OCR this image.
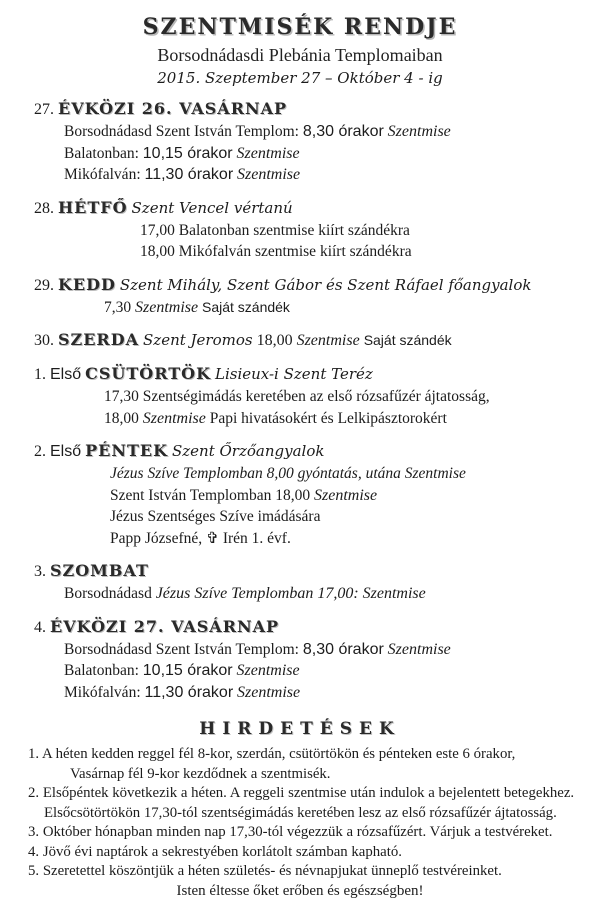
SZENTMISÉK RENDJE
Borsodnádasdi Plebánia Templomaiban
2015. Szeptember 27 – Október 4 - ig
27. ÉVKÖZI 26. VASÁRNAP
Borsodnádasd Szent István Templom: 8,30 órakor Szentmise
Balatonban: 10,15 órakor Szentmise
Mikófalván: 11,30 órakor Szentmise
28. HÉTFŐ Szent Vencel vértanú
17,00 Balatonban szentmise kiírt szándékra
18,00 Mikófalván szentmise kiírt szándékra
29. KEDD Szent Mihály, Szent Gábor és Szent Ráfael főangyalok
7,30 Szentmise Saját szándék
30. SZERDA Szent Jeromos 18,00 Szentmise Saját szándék
1. Első CSÜTÖRTÖK Lisieux-i Szent Teréz
17,30 Szentségimádás keretében az első rózsafűzér ájtatosság,
18,00 Szentmise Papi hivatásokért és Lelkipásztorokért
2. Első PÉNTEK Szent Őrzőangyalok
Jézus Szíve Templomban 8,00 gyóntatás, utána Szentmise
Szent István Templomban 18,00 Szentmise
Jézus Szentséges Szíve imádására
Papp Józsefné, ✞ Irén 1. évf.
3. SZOMBAT
Borsodnádasd Jézus Szíve Templomban 17,00: Szentmise
4. ÉVKÖZI 27. VASÁRNAP
Borsodnádasd Szent István Templom: 8,30 órakor Szentmise
Balatonban: 10,15 órakor Szentmise
Mikófalván: 11,30 órakor Szentmise
HIRDETÉSEK
1. A héten kedden reggel fél 8-kor, szerdán, csütörtökön és pénteken este 6 órakor,
Vasárnap fél 9-kor kezdődnek a szentmisék.
2. Elsőpéntek következik a héten. A reggeli szentmise után indulok a bejelentett betegekhez.
Elsőcsötörtökön 17,30-tól szentségimádás keretében lesz az első rózsafűzér ájtatosság.
3. Október hónapban minden nap 17,30-tól végezzük a rózsafűzért. Várjuk a testvéreket.
4. Jövő évi naptárok a sekrestyében korlátolt számban kapható.
5. Szeretettel köszöntjük a héten születés- és névnapjukat ünneplő testvéreinket.
Isten éltesse őket erőben és egészségben!
